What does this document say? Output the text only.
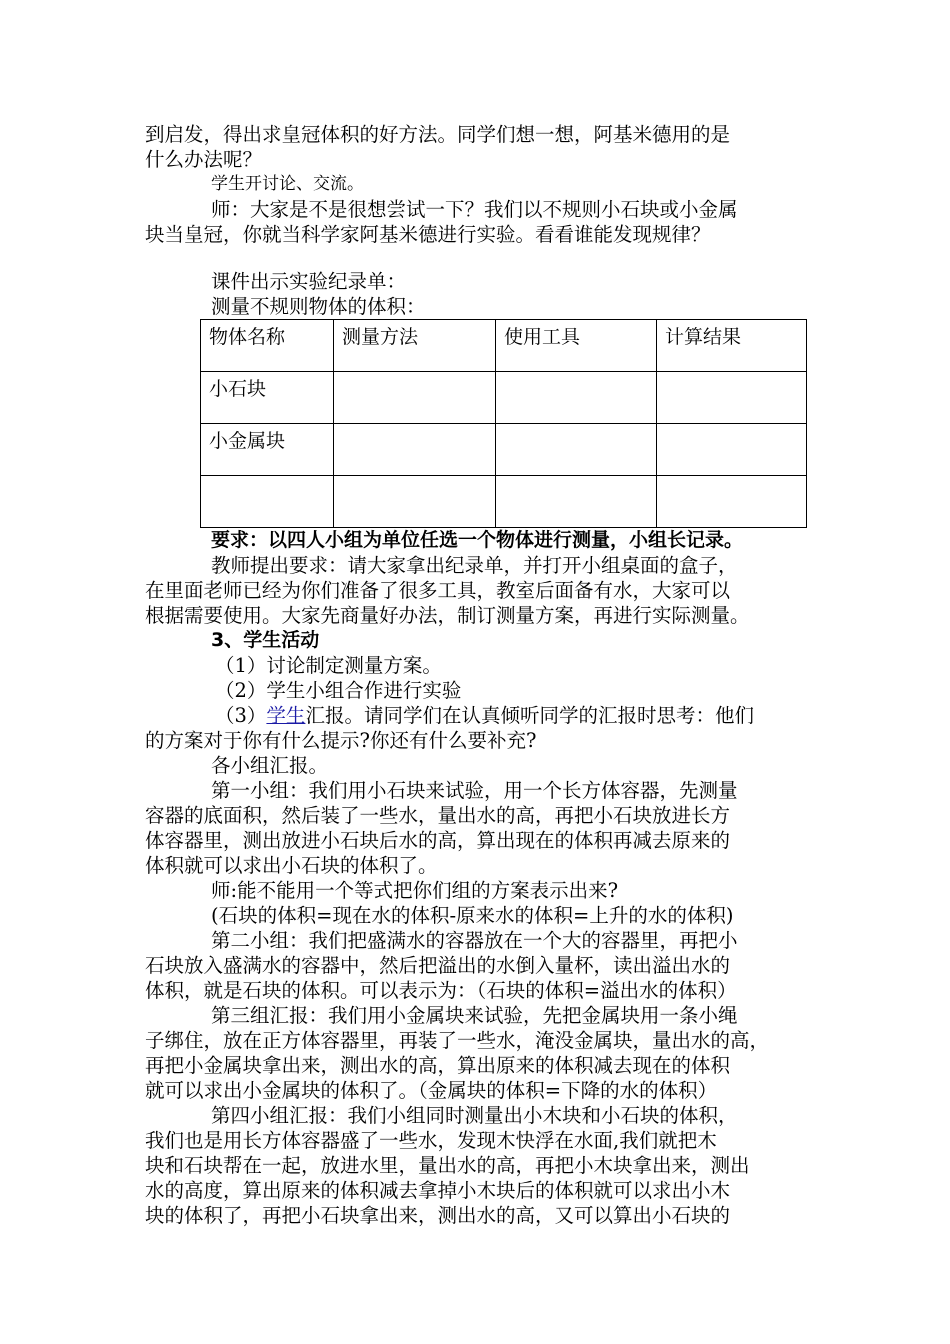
到启发，得出求皇冠体积的好方法。同学们想一想，阿基米德用的是
什么办法呢？
学生开讨论、交流。
师：大家是不是很想尝试一下？我们以不规则小石块或小金属
块当皇冠，你就当科学家阿基米德进行实验。看看谁能发现规律？
课件出示实验纪录单：
测量不规则物体的体积：
物体名称	测量方法	使用工具	计算结果
小石块			
小金属块			

要求：以四人小组为单位任选一个物体进行测量，小组长记录。
教师提出要求：请大家拿出纪录单，并打开小组桌面的盒子，
在里面老师已经为你们准备了很多工具，教室后面备有水，大家可以
根据需要使用。大家先商量好办法，制订测量方案，再进行实际测量。
3、学生活动
（1）讨论制定测量方案。
（2）学生小组合作进行实验
（3）学生汇报。请同学们在认真倾听同学的汇报时思考：他们
的方案对于你有什么提示?你还有什么要补充?
各小组汇报。
第一小组：我们用小石块来试验，用一个长方体容器，先测量
容器的底面积，然后装了一些水，量出水的高，再把小石块放进长方
体容器里，测出放进小石块后水的高，算出现在的体积再减去原来的
体积就可以求出小石块的体积了。
师:能不能用一个等式把你们组的方案表示出来?
(石块的体积=现在水的体积-原来水的体积=上升的水的体积)
第二小组：我们把盛满水的容器放在一个大的容器里，再把小
石块放入盛满水的容器中，然后把溢出的水倒入量杯，读出溢出水的
体积，就是石块的体积。可以表示为：（石块的体积=溢出水的体积）
第三组汇报：我们用小金属块来试验，先把金属块用一条小绳
子绑住，放在正方体容器里，再装了一些水，淹没金属块，量出水的高，
再把小金属块拿出来，测出水的高，算出原来的体积减去现在的体积
就可以求出小金属块的体积了。（金属块的体积=下降的水的体积）
第四小组汇报：我们小组同时测量出小木块和小石块的体积，
我们也是用长方体容器盛了一些水，发现木快浮在水面,我们就把木
块和石块帮在一起，放进水里，量出水的高，再把小木块拿出来，测出
水的高度，算出原来的体积减去拿掉小木块后的体积就可以求出小木
块的体积了，再把小石块拿出来，测出水的高，又可以算出小石块的
